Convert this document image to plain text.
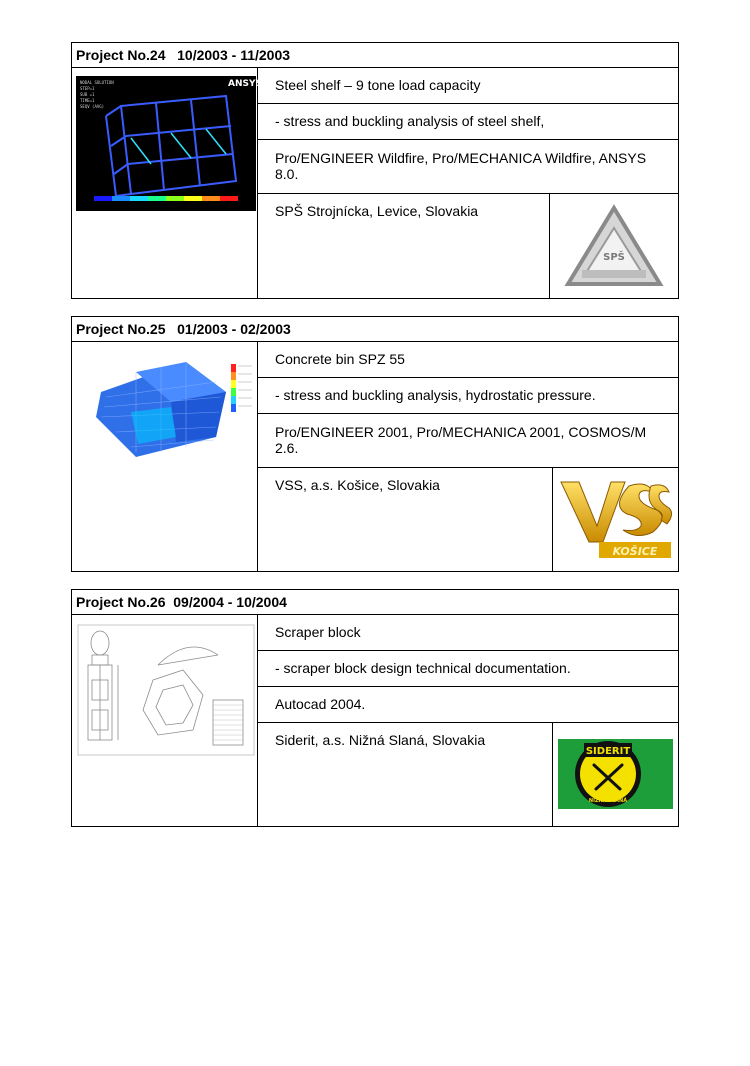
Project No.24   10/2003 - 11/2003
NODAL SOLUTION
STEP=1
SUB =1
TIME=1
SEQV (AVG)
ANSYS Steel shelf – 9 tone load capacity
- stress and buckling analysis of steel shelf,
Pro/ENGINEER Wildfire, Pro/MECHANICA Wildfire, ANSYS 8.0.
SPŠ Strojnícka, Levice, Slovakia
SPŠ
Project No.25   01/2003 - 02/2003
Concrete bin SPZ 55
- stress and buckling analysis, hydrostatic pressure.
Pro/ENGINEER 2001, Pro/MECHANICA 2001, COSMOS/M 2.6.
VSS, a.s. Košice, Slovakia
KOŠICE
Project No.26  09/2004 - 10/2004
Scraper block
- scraper block design technical documentation.
Autocad 2004.
Siderit, a.s. Nižná Slaná, Slovakia
SIDERIT
NIŽNÁ SLANÁ
